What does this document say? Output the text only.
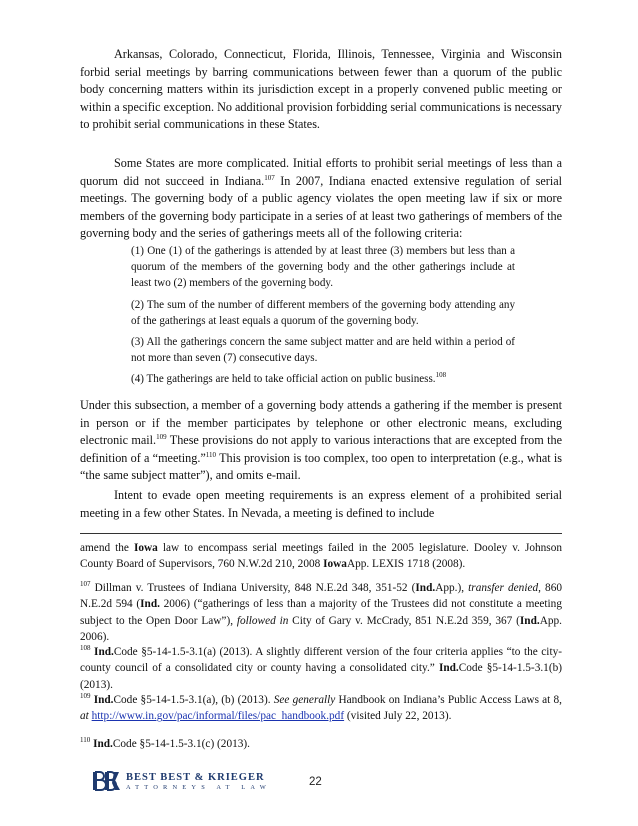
Arkansas, Colorado, Connecticut, Florida, Illinois, Tennessee, Virginia and Wisconsin forbid serial meetings by barring communications between fewer than a quorum of the public body concerning matters within its jurisdiction except in a properly convened public meeting or within a specific exception. No additional provision forbidding serial communications is necessary to prohibit serial communications in these States.

Some States are more complicated. Initial efforts to prohibit serial meetings of less than a quorum did not succeed in Indiana.$^{107}$ In 2007, Indiana enacted extensive regulation of serial meetings. The governing body of a public agency violates the open meeting law if six or more members of the governing body participate in a series of at least two gatherings of members of the governing body and the series of gatherings meets all of the following criteria:

(1) One (1) of the gatherings is attended by at least three (3) members but less than a quorum of the members of the governing body and the other gatherings include at least two (2) members of the governing body.

(2) The sum of the number of different members of the governing body attending any of the gatherings at least equals a quorum of the governing body.

(3) All the gatherings concern the same subject matter and are held within a period of not more than seven (7) consecutive days.

(4) The gatherings are held to take official action on public business.$^{108}$

Under this subsection, a member of a governing body attends a gathering if the member is present in person or if the member participates by telephone or other electronic means, excluding electronic mail.$^{109}$ These provisions do not apply to various interactions that are excepted from the definition of a “meeting.”$^{110}$ This provision is too complex, too open to interpretation (e.g., what is “the same subject matter”), and omits e-mail.

Intent to evade open meeting requirements is an express element of a prohibited serial meeting in a few other States. In Nevada, a meeting is defined to include

amend the Iowa law to encompass serial meetings failed in the 2005 legislature. Dooley v. Johnson County Board of Supervisors, 760 N.W.2d 210, 2008 IowaApp. LEXIS 1718 (2008).

$^{107}$ Dillman v. Trustees of Indiana University, 848 N.E.2d 348, 351-52 (Ind.App.), transfer denied, 860 N.E.2d 594 (Ind. 2006) (“gatherings of less than a majority of the Trustees did not constitute a meeting subject to the Open Door Law”), followed in City of Gary v. McCrady, 851 N.E.2d 359, 367 (Ind.App. 2006).

$^{108}$ Ind.Code §5-14-1.5-3.1(a) (2013). A slightly different version of the four criteria applies “to the city-county council of a consolidated city or county having a consolidated city.” Ind.Code §5-14-1.5-3.1(b) (2013).

$^{109}$ Ind.Code §5-14-1.5-3.1(a), (b) (2013). See generally Handbook on Indiana’s Public Access Laws at 8, at http://www.in.gov/pac/informal/files/pac_handbook.pdf (visited July 22, 2013).

$^{110}$ Ind.Code §5-14-1.5-3.1(c) (2013).

BEST BEST & KRIEGER
ATTORNEYS AT LAW	22
